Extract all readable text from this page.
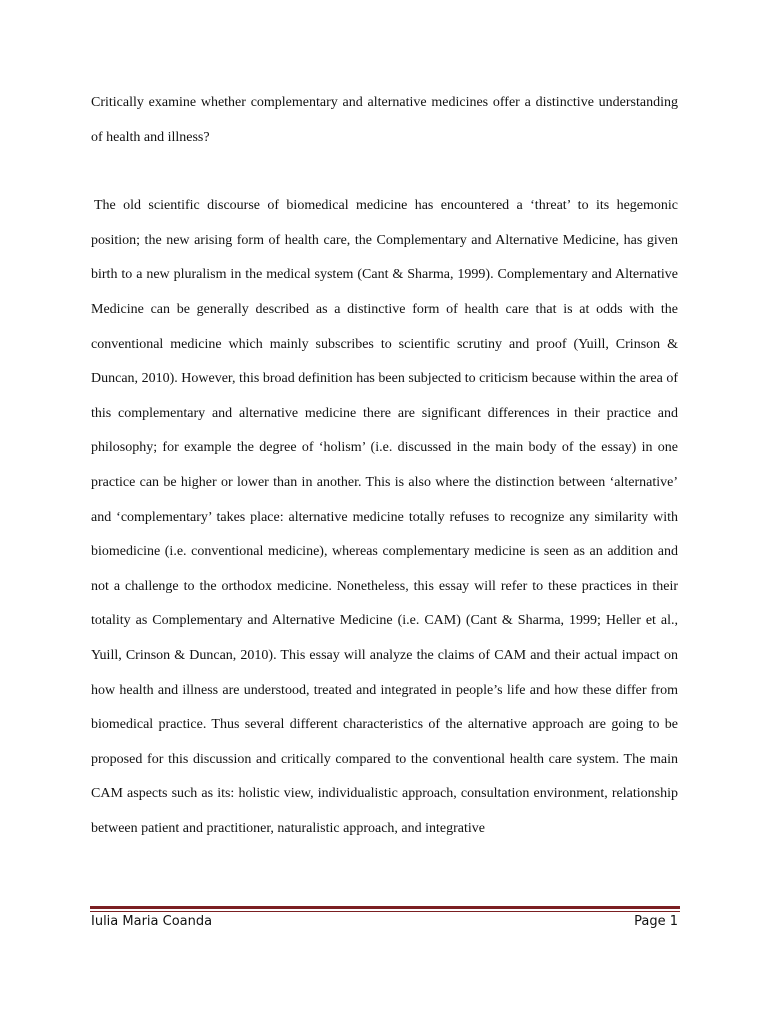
Critically examine whether complementary and alternative medicines offer a distinctive understanding of health and illness?

The old scientific discourse of biomedical medicine has encountered a ‘threat’ to its hegemonic position; the new arising form of health care, the Complementary and Alternative Medicine, has given birth to a new pluralism in the medical system (Cant & Sharma, 1999). Complementary and Alternative Medicine can be generally described as a distinctive form of health care that is at odds with the conventional medicine which mainly subscribes to scientific scrutiny and proof (Yuill, Crinson & Duncan, 2010). However, this broad definition has been subjected to criticism because within the area of this complementary and alternative medicine there are significant differences in their practice and philosophy; for example the degree of ‘holism’ (i.e. discussed in the main body of the essay) in one practice can be higher or lower than in another. This is also where the distinction between ‘alternative’ and ‘complementary’ takes place: alternative medicine totally refuses to recognize any similarity with biomedicine (i.e. conventional medicine), whereas complementary medicine is seen as an addition and not a challenge to the orthodox medicine. Nonetheless, this essay will refer to these practices in their totality as Complementary and Alternative Medicine (i.e. CAM) (Cant & Sharma, 1999; Heller et al., Yuill, Crinson & Duncan, 2010). This essay will analyze the claims of CAM and their actual impact on how health and illness are understood, treated and integrated in people’s life and how these differ from biomedical practice. Thus several different characteristics of the alternative approach are going to be proposed for this discussion and critically compared to the conventional health care system. The main CAM aspects such as its: holistic view, individualistic approach, consultation environment, relationship between patient and practitioner, naturalistic approach, and integrative

Iulia Maria Coanda	Page 1
